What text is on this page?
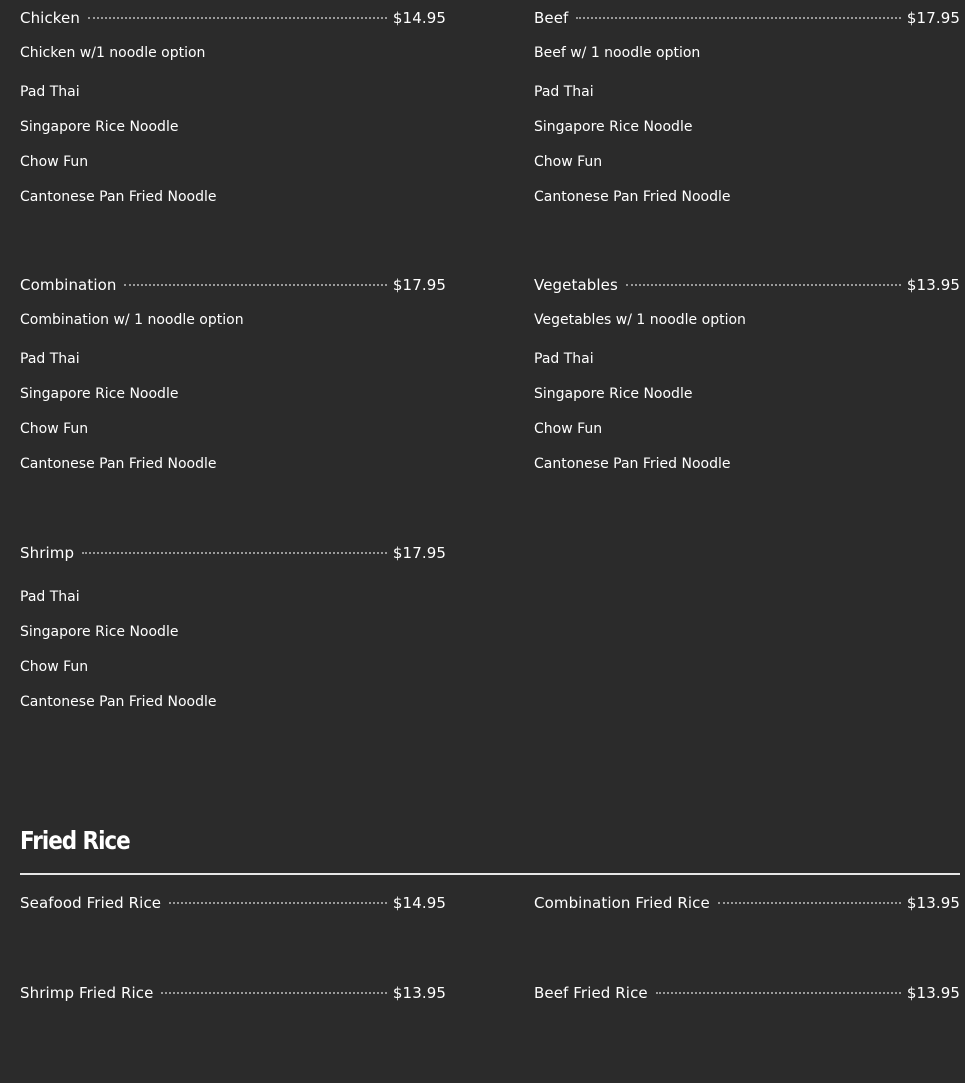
Chicken	$14.95
Chicken w/1 noodle option
Pad Thai
Singapore Rice Noodle
Chow Fun
Cantonese Pan Fried Noodle
Beef	$17.95
Beef w/ 1 noodle option
Pad Thai
Singapore Rice Noodle
Chow Fun
Cantonese Pan Fried Noodle
Combination	$17.95
Combination w/ 1 noodle option
Pad Thai
Singapore Rice Noodle
Chow Fun
Cantonese Pan Fried Noodle
Vegetables	$13.95
Vegetables w/ 1 noodle option
Pad Thai
Singapore Rice Noodle
Chow Fun
Cantonese Pan Fried Noodle
Shrimp	$17.95
Pad Thai
Singapore Rice Noodle
Chow Fun
Cantonese Pan Fried Noodle
Fried Rice
Seafood Fried Rice	$14.95	Combination Fried Rice	$13.95
Shrimp Fried Rice	$13.95	Beef Fried Rice	$13.95
